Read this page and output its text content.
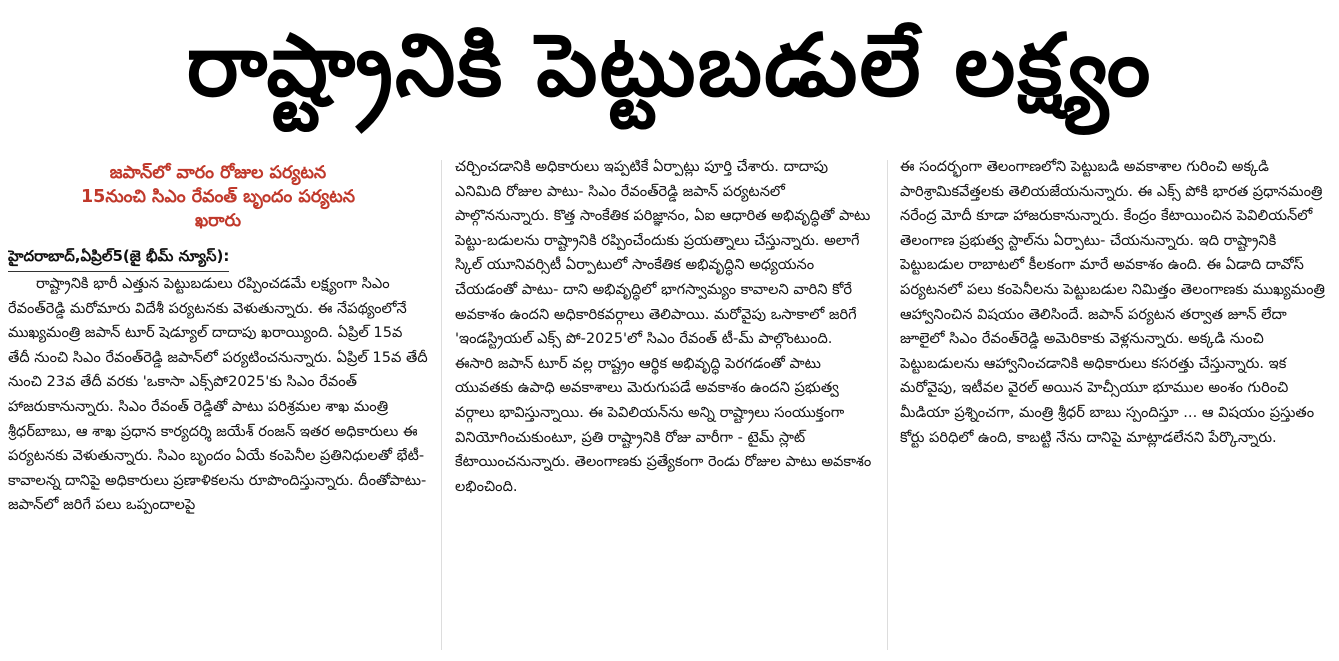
రాష్ట్రానికి పెట్టుబడులే లక్ష్యం
జపాన్‌లో వారం రోజుల పర్యటన
15నుంచి సిఎం రేవంత్‌ బృందం పర్యటన
ఖరారు
హైదరాబాద్‌,ఏప్రిల్‌5(జై భీమ్‌ న్యూస్‌):

రాష్ట్రానికి భారీ ఎత్తున పెట్టుబడులు రప్పించడమే లక్ష్యంగా సిఎం రేవంత్‌రెడ్డి మరోమారు విదేశీ పర్యటనకు వెళుతున్నారు. ఈ నేపథ్యంలోనే ముఖ్యమంత్రి జపాన్‌ టూర్‌ షెడ్యూల్‌ దాదాపు ఖరాయ్యింది. ఏప్రిల్‌ 15వ తేదీ నుంచి సిఎం రేవంత్‌రెడ్డి జపాన్‌లో పర్యటించనున్నారు. ఏప్రిల్‌ 15వ తేదీ నుంచి 23వ తేదీ వరకు 'ఒకాసా ఎక్స్‌పో2025'కు సిఎం రేవంత్‌ హాజరుకానున్నారు. సిఎం రేవంత్‌ రెడ్డితో పాటు పరిశ్రమల శాఖ మంత్రి శ్రీధర్‌బాబు, ఆ శాఖ ప్రధాన కార్యదర్శి జయేశ్‌ రంజన్‌ ఇతర అధికారులు ఈ పర్యటనకు వెళుతున్నారు. సిఎం బృందం ఏయే కంపెనీల ప్రతినిధులతో భేటీ- కావాలన్న దానిపై అధికారులు ప్రణాళికలను రూపొందిస్తున్నారు. దీంతోపాటు- జపాన్‌లో జరిగే పలు ఒప్పందాలపై

చర్చించడానికి అధికారులు ఇప్పటికే ఏర్పాట్లు పూర్తి చేశారు. దాదాపు ఎనిమిది రోజుల పాటు- సిఎం రేవంత్‌రెడ్డి జపాన్‌ పర్యటనలో పాల్గొననున్నారు. కొత్త సాంకేతిక పరిజ్ఞానం, ఏఐ ఆధారిత అభివృద్ధితో పాటు పెట్టు-బడులను రాష్ట్రానికి రప్పించేందుకు ప్రయత్నాలు చేస్తున్నారు. అలాగే స్కిల్‌ యూనివర్సిటీ ఏర్పాటులో సాంకేతిక అభివృద్ధిని అధ్యయనం చేయడంతో పాటు- దాని అభివృద్ధిలో భాగస్వామ్యం కావాలని వారిని కోరే అవకాశం ఉందని అధికారికవర్గాలు తెలిపాయి. మరోవైపు ఒసాకాలో జరిగే 'ఇండస్ట్రియల్‌ ఎక్స్‌ పో-2025'లో సిఎం రేవంత్‌ టీ-మ్‌ పాల్గొంటుంది. ఈసారి జపాన్‌ టూర్‌ వల్ల రాష్ట్రం ఆర్థిక అభివృద్ధి పెరగడంతో పాటు యువతకు ఉపాధి అవకాశాలు మెరుగుపడే అవకాశం ఉందని ప్రభుత్వ వర్గాలు భావిస్తున్నాయి. ఈ పెవిలియన్‌ను అన్ని రాష్ట్రాలు సంయుక్తంగా వినియోగించుకుంటూ, ప్రతి రాష్ట్రానికి రోజు వారీగా - టైమ్‌ స్లాట్‌ కేటాయించనున్నారు. తెలంగాణకు ప్రత్యేకంగా రెండు రోజుల పాటు అవకాశం లభించింది.

ఈ సందర్భంగా తెలంగాణలోని పెట్టుబడి అవకాశాల గురించి అక్కడి పారిశ్రామికవేత్తలకు తెలియజేయనున్నారు. ఈ ఎక్స్‌ పోకి భారత ప్రధానమంత్రి నరేంద్ర మోదీ కూడా హాజరుకానున్నారు. కేంద్రం కేటాయించిన పెవిలియన్‌లో తెలంగాణ ప్రభుత్వ స్టాల్‌ను ఏర్పాటు- చేయనున్నారు. ఇది రాష్ట్రానికి పెట్టుబడుల రాబాటలో కీలకంగా మారే అవకాశం ఉంది. ఈ ఏడాది దావోస్‌ పర్యటనలో పలు కంపెనీలను పెట్టుబడుల నిమిత్తం తెలంగాణకు ముఖ్యమంత్రి ఆహ్వానించిన విషయం తెలిసిందే. జపాన్‌ పర్యటన తర్వాత జూన్‌ లేదా జూలైలో సిఎం రేవంత్‌రెడ్డి అమెరికాకు వెళ్లనున్నారు. అక్కడి నుంచి పెట్టుబడులను ఆహ్వానించడానికి అధికారులు కసరత్తు చేస్తున్నారు. ఇక మరోవైపు, ఇటీవల వైరల్‌ అయిన హెచ్సీయూ భూముల అంశం గురించి మీడియా ప్రశ్నించగా, మంత్రి శ్రీధర్‌ బాబు స్పందిస్తూ ... ఆ విషయం ప్రస్తుతం కోర్టు పరిధిలో ఉంది, కాబట్టి నేను దానిపై మాట్లాడలేనని పేర్కొన్నారు.
